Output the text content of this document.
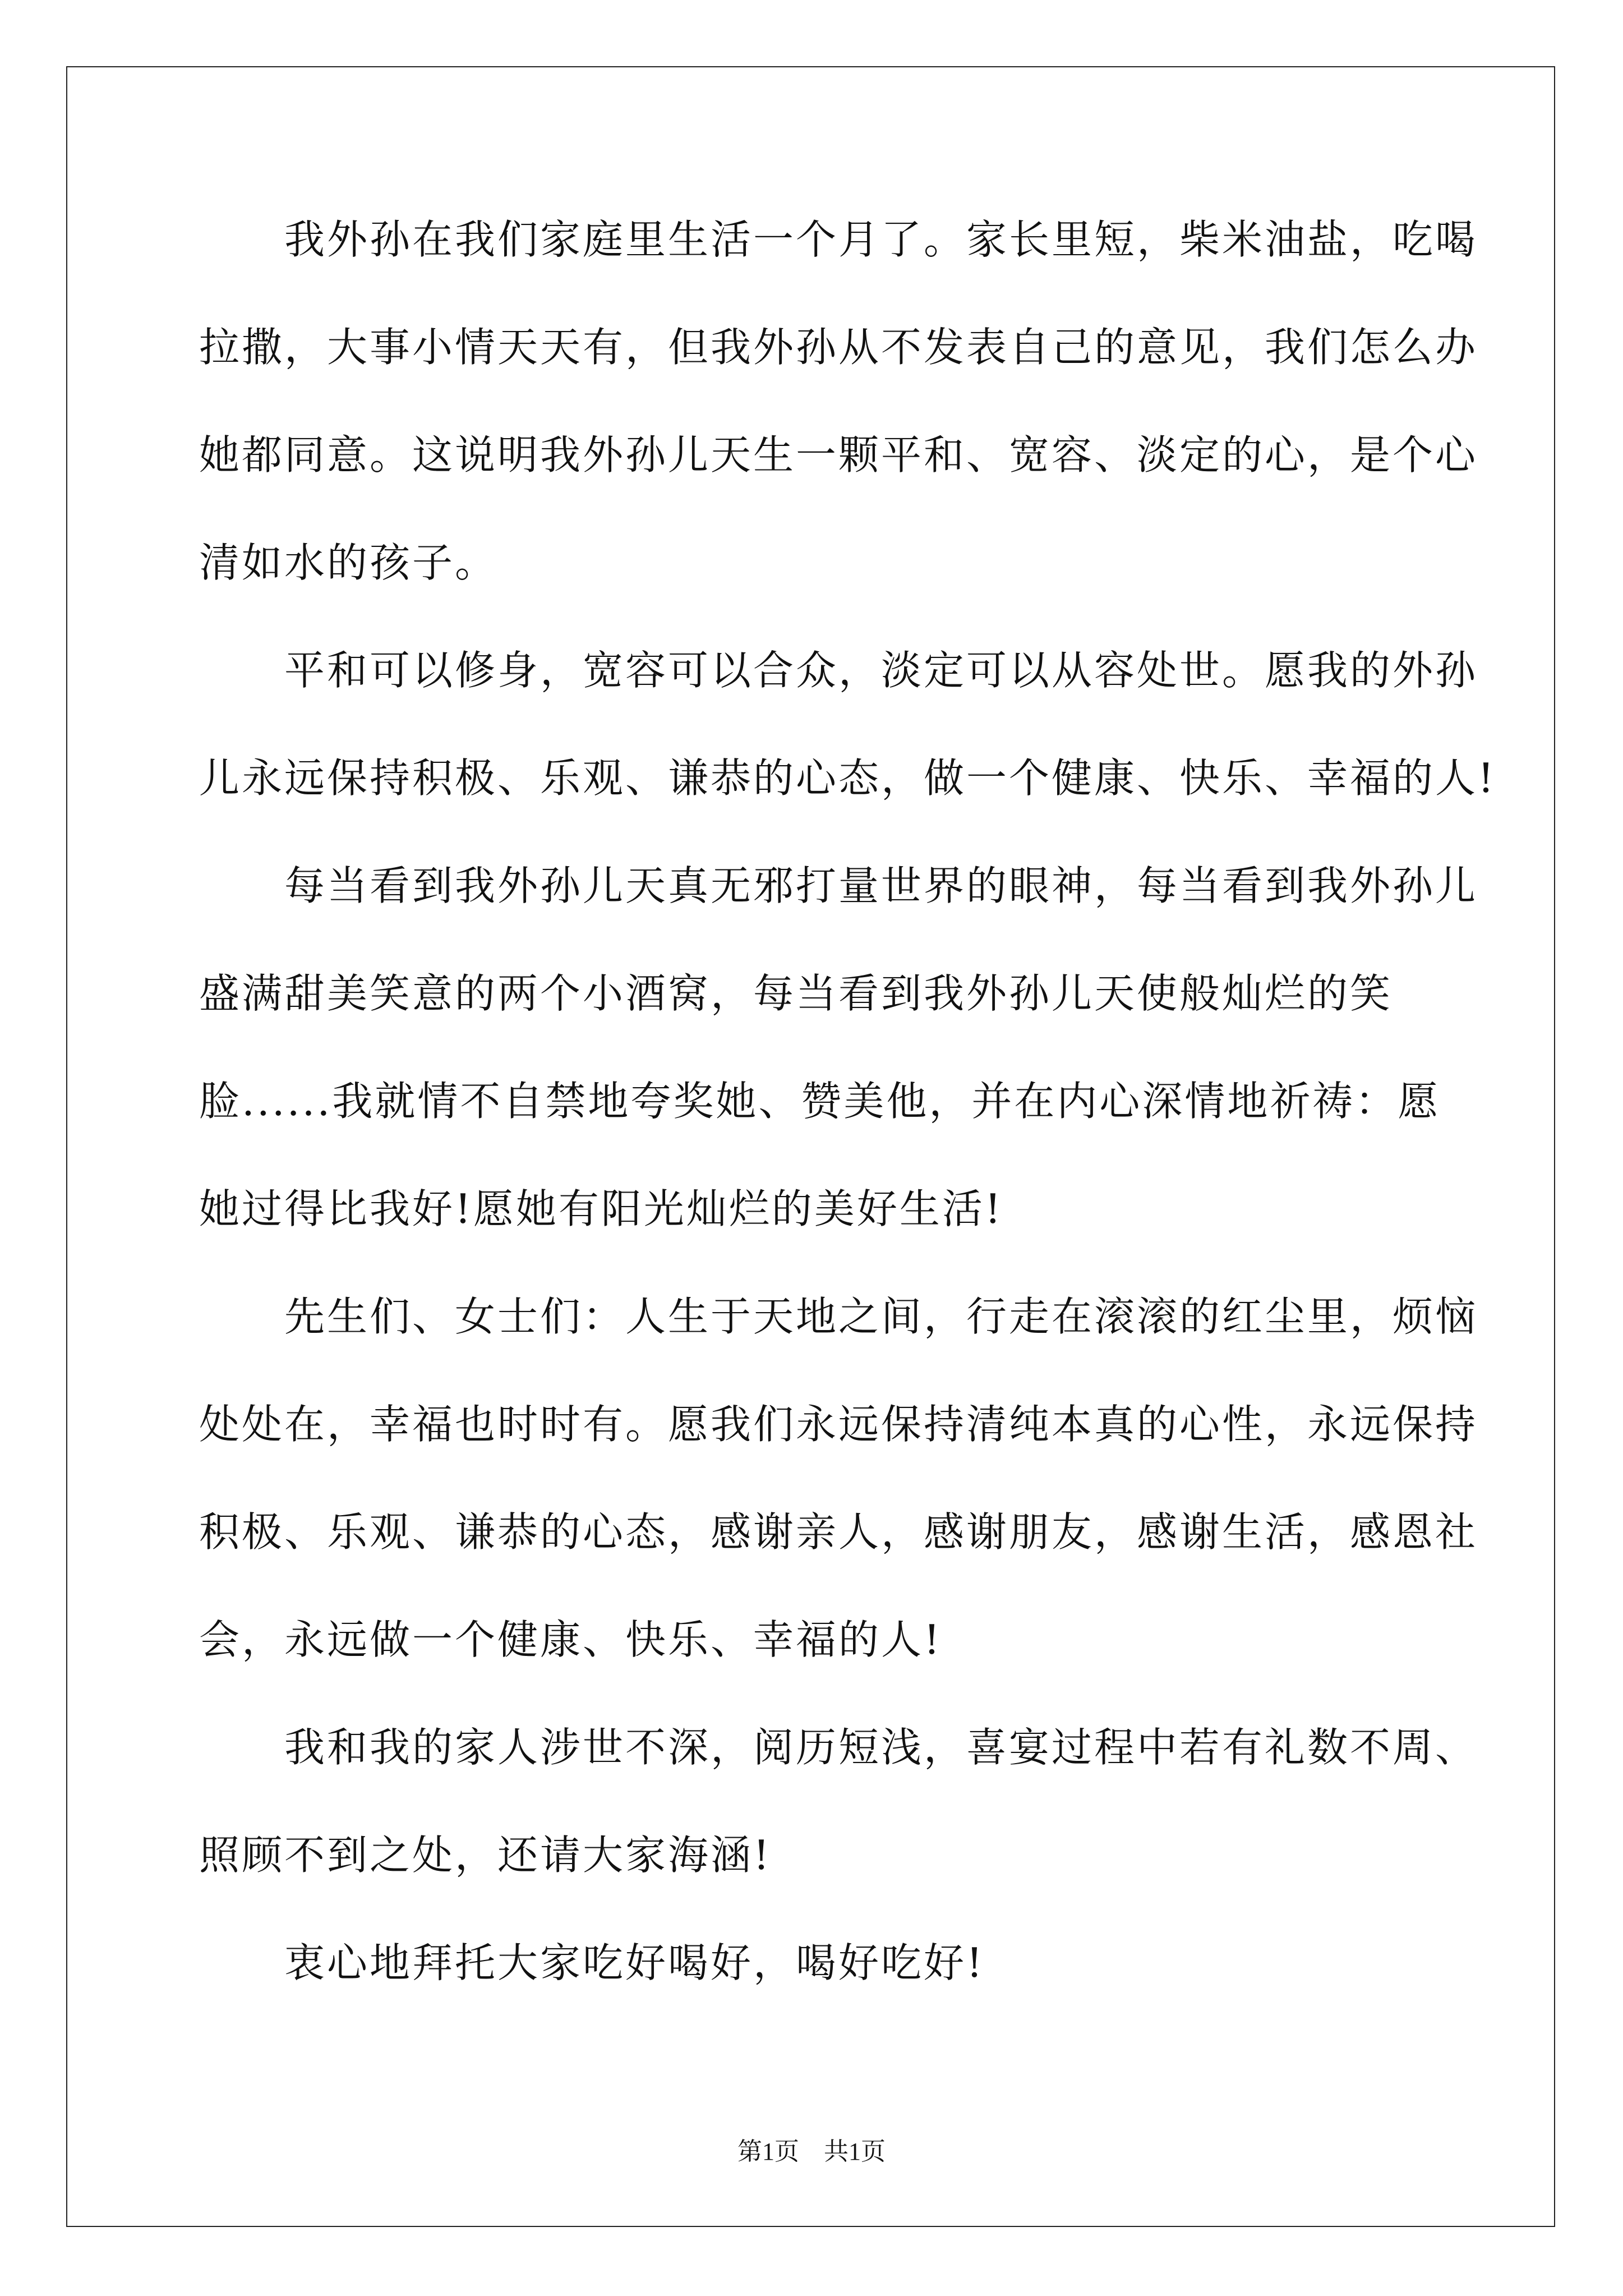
　　我外孙在我们家庭里生活一个月了。家长里短，柴米油盐，吃喝
拉撒，大事小情天天有，但我外孙从不发表自己的意见，我们怎么办
她都同意。这说明我外孙儿天生一颗平和、宽容、淡定的心，是个心
清如水的孩子。
　　平和可以修身，宽容可以合众，淡定可以从容处世。愿我的外孙
儿永远保持积极、乐观、谦恭的心态，做一个健康、快乐、幸福的人!
　　每当看到我外孙儿天真无邪打量世界的眼神，每当看到我外孙儿
盛满甜美笑意的两个小酒窝，每当看到我外孙儿天使般灿烂的笑
脸......我就情不自禁地夸奖她、赞美他，并在内心深情地祈祷：愿
她过得比我好!愿她有阳光灿烂的美好生活!
　　先生们、女士们：人生于天地之间，行走在滚滚的红尘里，烦恼
处处在，幸福也时时有。愿我们永远保持清纯本真的心性，永远保持
积极、乐观、谦恭的心态，感谢亲人，感谢朋友，感谢生活，感恩社
会，永远做一个健康、快乐、幸福的人!
　　我和我的家人涉世不深，阅历短浅，喜宴过程中若有礼数不周、
照顾不到之处，还请大家海涵!
　　衷心地拜托大家吃好喝好，喝好吃好!
第1页　共1页
